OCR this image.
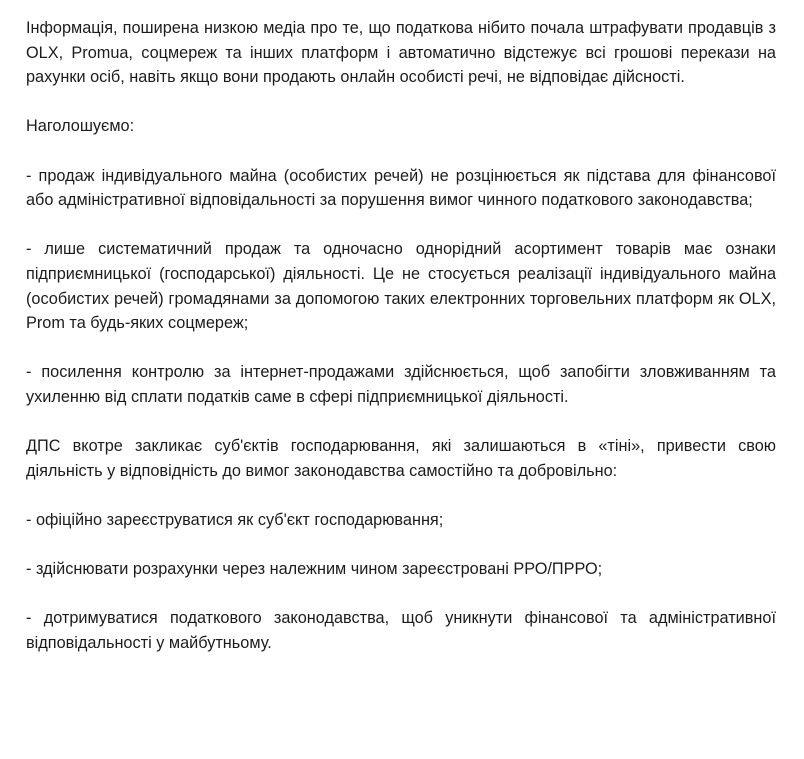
Інформація, поширена низкою медіа про те, що податкова нібито почала штрафувати продавців з OLX, Promua, соцмереж та інших платформ і автоматично відстежує всі грошові перекази на рахунки осіб, навіть якщо вони продають онлайн особисті речі, не відповідає дійсності.

Наголошуємо:

- продаж індивідуального майна (особистих речей) не розцінюється як підстава для фінансової або адміністративної відповідальності за порушення вимог чинного податкового законодавства;

- лише систематичний продаж та одночасно однорідний асортимент товарів має ознаки підприємницької (господарської) діяльності. Це не стосується реалізації індивідуального майна (особистих речей) громадянами за допомогою таких електронних торговельних платформ як OLX, Prom та будь-яких соцмереж;

- посилення контролю за інтернет-продажами здійснюється, щоб запобігти зловживанням та ухиленню від сплати податків саме в сфері підприємницької діяльності.

ДПС вкотре закликає суб'єктів господарювання, які залишаються в «тіні», привести свою діяльність у відповідність до вимог законодавства самостійно та добровільно:

- офіційно зареєструватися як суб'єкт господарювання;

- здійснювати розрахунки через належним чином зареєстровані РРО/ПРРО;

- дотримуватися податкового законодавства, щоб уникнути фінансової та адміністративної відповідальності у майбутньому.
